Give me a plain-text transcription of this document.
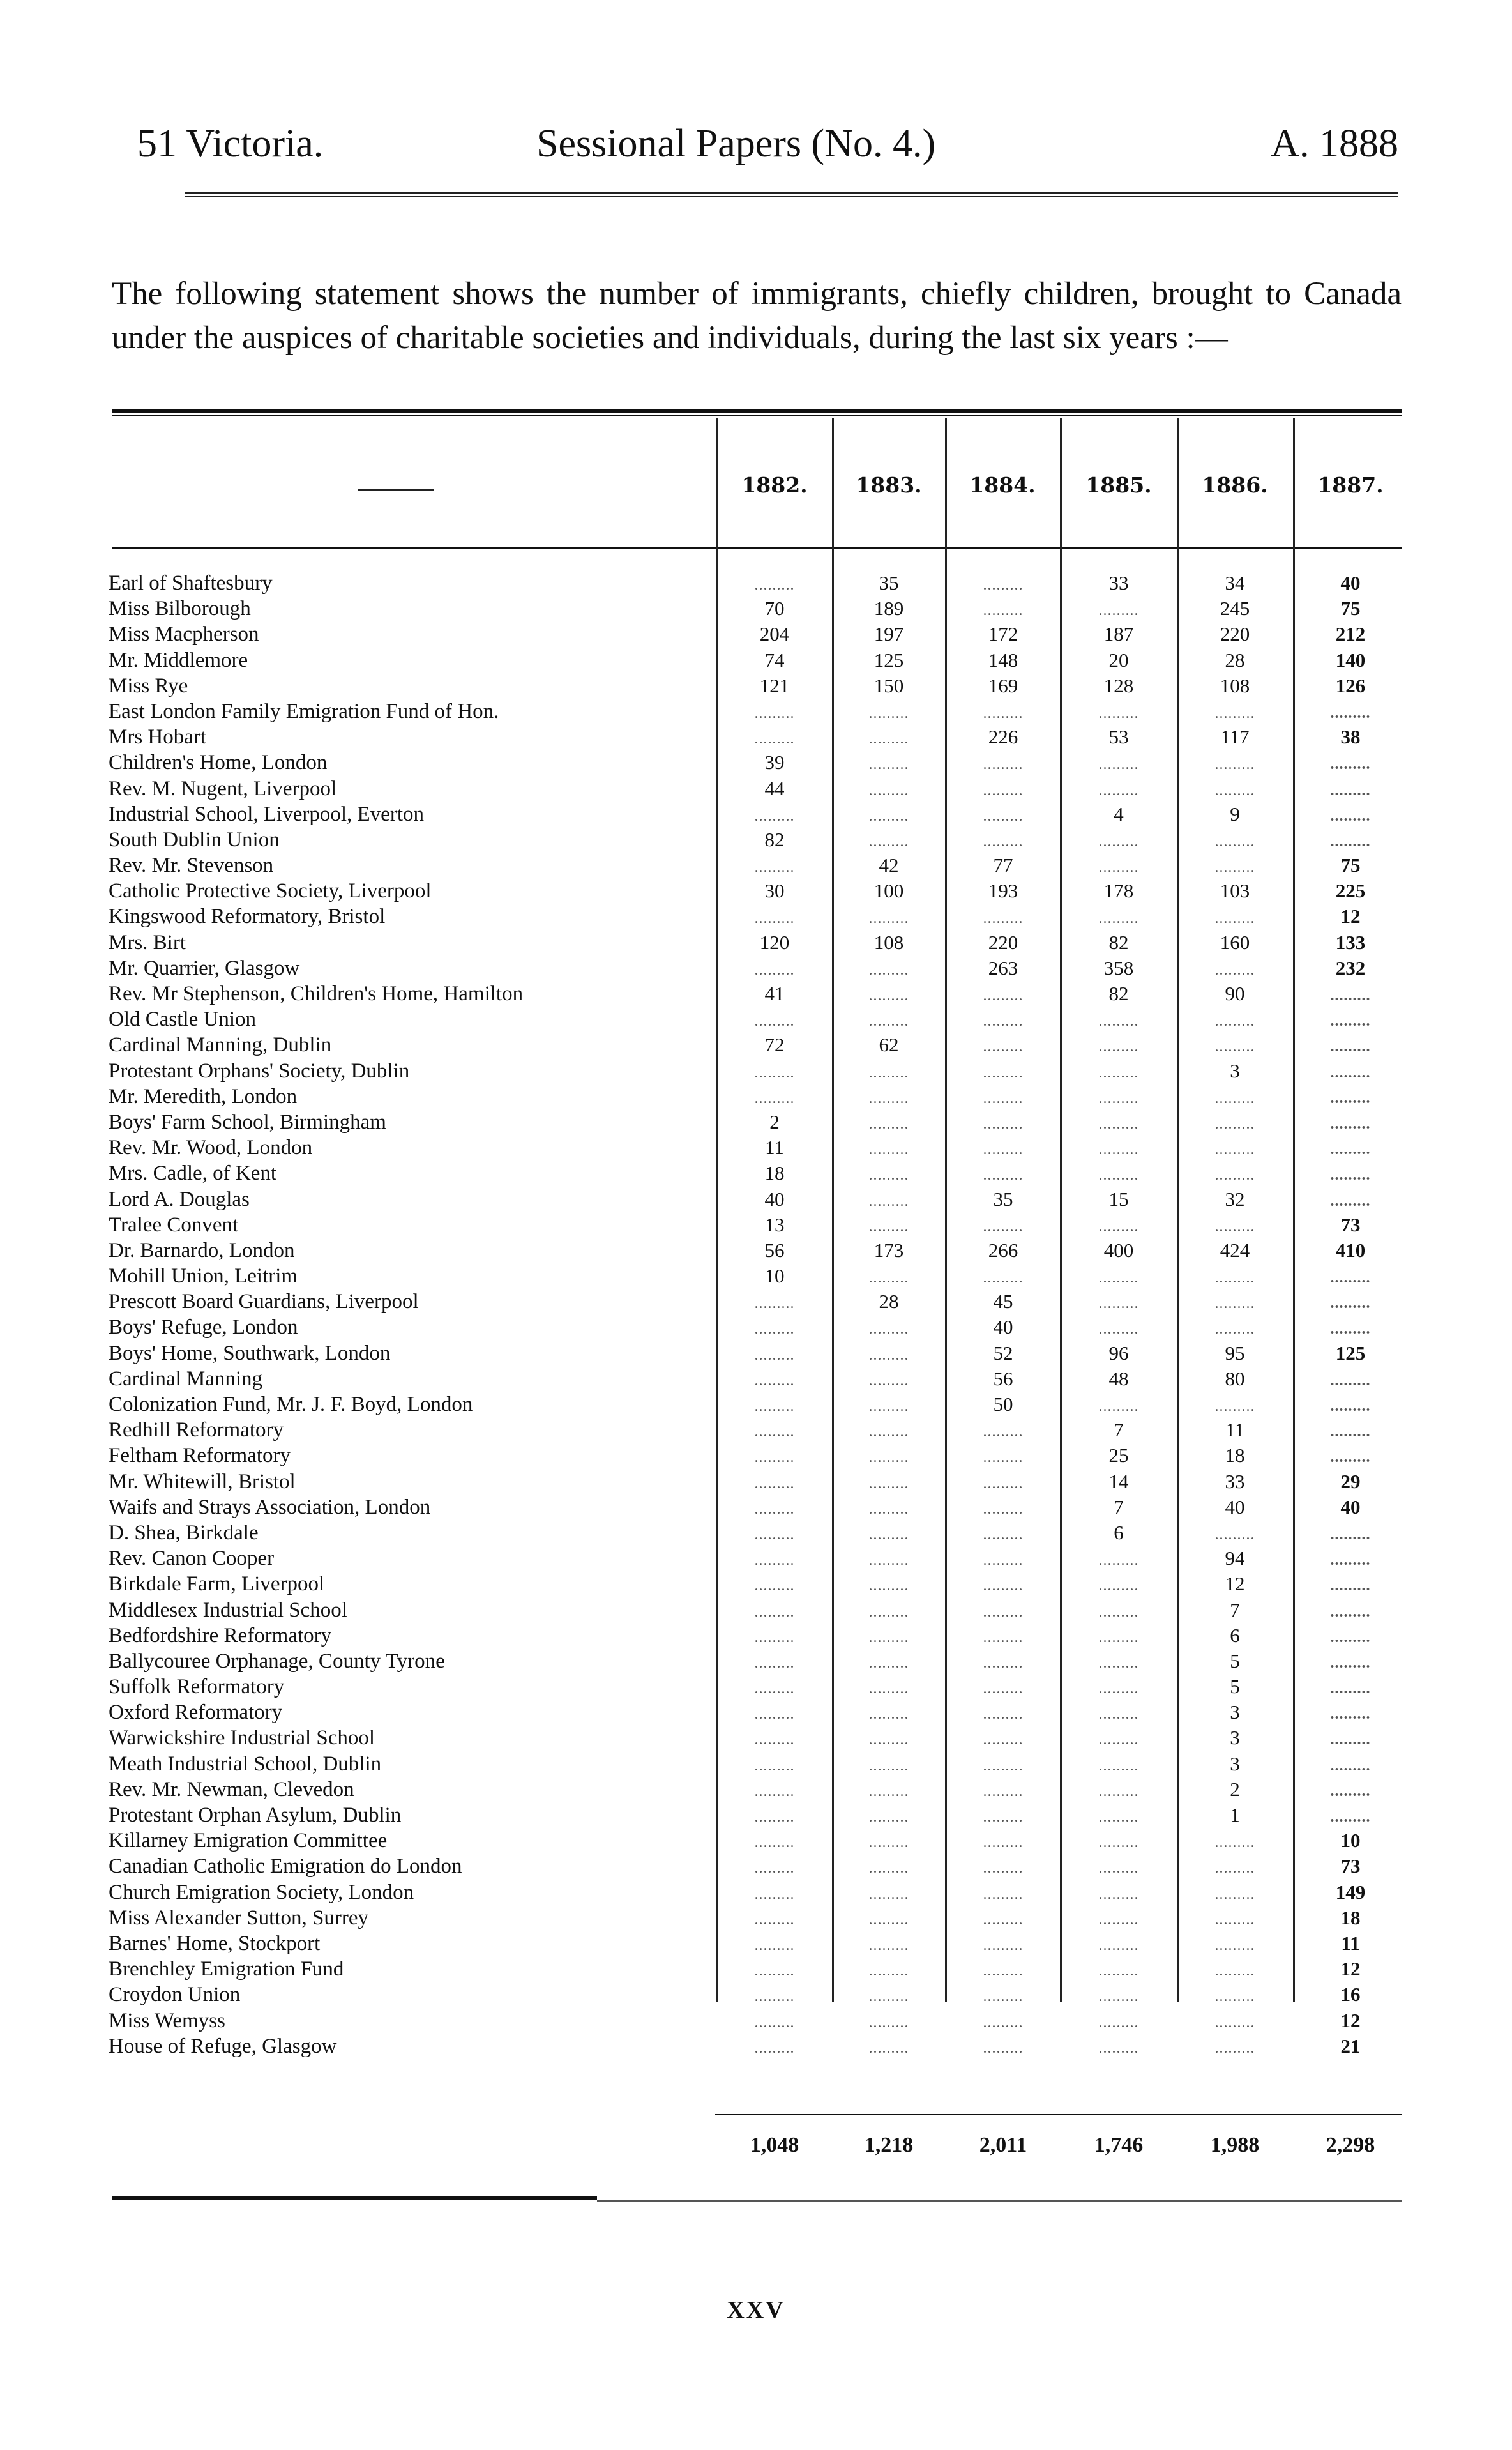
51 Victoria.	Sessional Papers (No. 4.)	A. 1888

The following statement shows the number of immigrants, chiefly children, brought to Canada under the auspices of charitable societies and individuals, during the last six years :—

1882.	1883.	1884.	1885.	1886.	1887.
Earl of Shaftesbury	.........	35	.........	33	34	40
Miss Bilborough	70	189	.........	.........	245	75
Miss Macpherson	204	197	172	187	220	212
Mr. Middlemore	74	125	148	20	28	140
Miss Rye	121	150	169	128	108	126
East London Family Emigration Fund of Hon.	.........	.........	.........	.........	.........	.........
Mrs Hobart	.........	.........	226	53	117	38
Children's Home, London	39	.........	.........	.........	.........	.........
Rev. M. Nugent, Liverpool	44	.........	.........	.........	.........	.........
Industrial School, Liverpool, Everton	.........	.........	.........	4	9	.........
South Dublin Union	82	.........	.........	.........	.........	.........
Rev. Mr. Stevenson	.........	42	77	.........	.........	75
Catholic Protective Society, Liverpool	30	100	193	178	103	225
Kingswood Reformatory, Bristol	.........	.........	.........	.........	.........	12
Mrs. Birt	120	108	220	82	160	133
Mr. Quarrier, Glasgow	.........	.........	263	358	.........	232
Rev. Mr Stephenson, Children's Home, Hamilton	41	.........	.........	82	90	.........
Old Castle Union	.........	.........	.........	.........	.........	.........
Cardinal Manning, Dublin	72	62	.........	.........	.........	.........
Protestant Orphans' Society, Dublin	.........	.........	.........	.........	3	.........
Mr. Meredith, London	.........	.........	.........	.........	.........	.........
Boys' Farm School, Birmingham	2	.........	.........	.........	.........	.........
Rev. Mr. Wood, London	11	.........	.........	.........	.........	.........
Mrs. Cadle, of Kent	18	.........	.........	.........	.........	.........
Lord A. Douglas	40	.........	35	15	32	.........
Tralee Convent	13	.........	.........	.........	.........	73
Dr. Barnardo, London	56	173	266	400	424	410
Mohill Union, Leitrim	10	.........	.........	.........	.........	.........
Prescott Board Guardians, Liverpool	.........	28	45	.........	.........	.........
Boys' Refuge, London	.........	.........	40	.........	.........	.........
Boys' Home, Southwark, London	.........	.........	52	96	95	125
Cardinal Manning	.........	.........	56	48	80	.........
Colonization Fund, Mr. J. F. Boyd, London	.........	.........	50	.........	.........	.........
Redhill Reformatory	.........	.........	.........	7	11	.........
Feltham Reformatory	.........	.........	.........	25	18	.........
Mr. Whitewill, Bristol	.........	.........	.........	14	33	29
Waifs and Strays Association, London	.........	.........	.........	7	40	40
D. Shea, Birkdale	.........	.........	.........	6	.........	.........
Rev. Canon Cooper	.........	.........	.........	.........	94	.........
Birkdale Farm, Liverpool	.........	.........	.........	.........	12	.........
Middlesex Industrial School	.........	.........	.........	.........	7	.........
Bedfordshire Reformatory	.........	.........	.........	.........	6	.........
Ballycouree Orphanage, County Tyrone	.........	.........	.........	.........	5	.........
Suffolk Reformatory	.........	.........	.........	.........	5	.........
Oxford Reformatory	.........	.........	.........	.........	3	.........
Warwickshire Industrial School	.........	.........	.........	.........	3	.........
Meath Industrial School, Dublin	.........	.........	.........	.........	3	.........
Rev. Mr. Newman, Clevedon	.........	.........	.........	.........	2	.........
Protestant Orphan Asylum, Dublin	.........	.........	.........	.........	1	.........
Killarney Emigration Committee	.........	.........	.........	.........	.........	10
Canadian Catholic Emigration do London	.........	.........	.........	.........	.........	73
Church Emigration Society, London	.........	.........	.........	.........	.........	149
Miss Alexander Sutton, Surrey	.........	.........	.........	.........	.........	18
Barnes' Home, Stockport	.........	.........	.........	.........	.........	11
Brenchley Emigration Fund	.........	.........	.........	.........	.........	12
Croydon Union	.........	.........	.........	.........	.........	16
Miss Wemyss	.........	.........	.........	.........	.........	12
House of Refuge, Glasgow	.........	.........	.........	.........	.........	21
1,048	1,218	2,011	1,746	1,988	2,298
XXV
